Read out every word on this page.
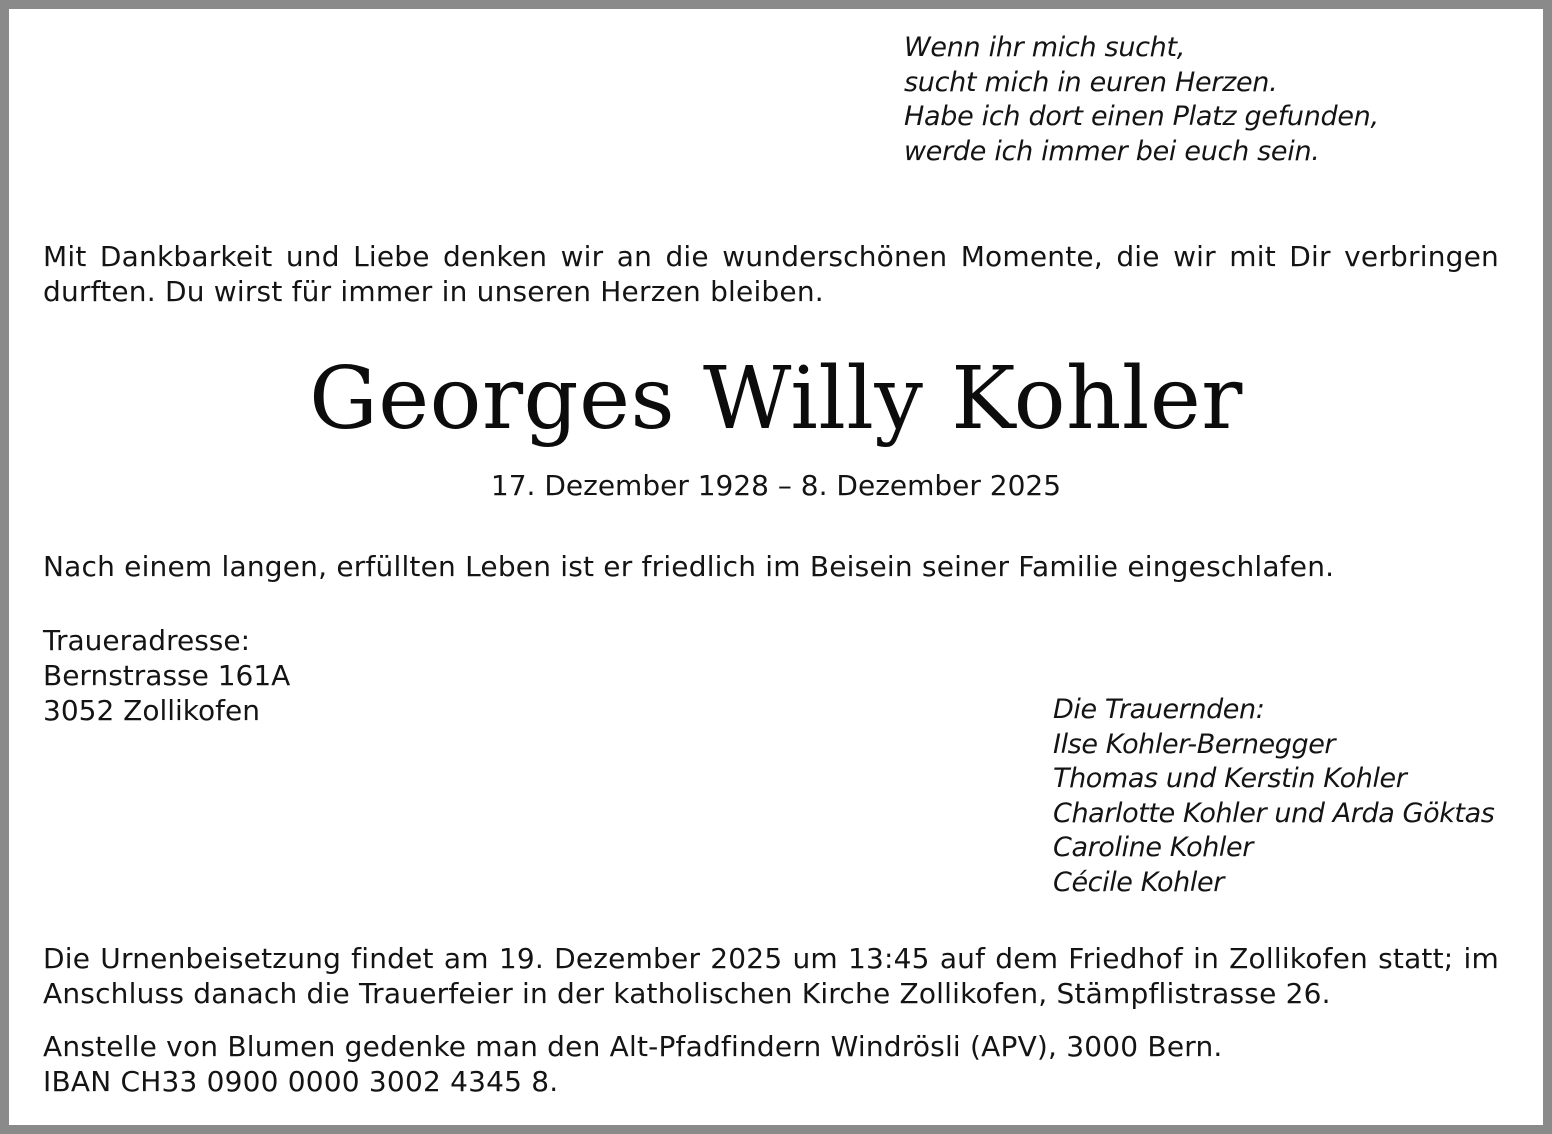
Wenn ihr mich sucht,
sucht mich in euren Herzen.
Habe ich dort einen Platz gefunden,
werde ich immer bei euch sein.
Mit Dankbarkeit und Liebe denken wir an die wunderschönen Momente, die wir mit Dir verbringen durften. Du wirst für immer in unseren Herzen bleiben.
Georges Willy Kohler
17. Dezember 1928 – 8. Dezember 2025
Nach einem langen, erfüllten Leben ist er friedlich im Beisein seiner Familie eingeschlafen.
Traueradresse:
Bernstrasse 161A
3052 Zollikofen	Die Trauernden:
Ilse Kohler-Bernegger
Thomas und Kerstin Kohler
Charlotte Kohler und Arda Göktas
Caroline Kohler
Cécile Kohler
Die Urnenbeisetzung findet am 19. Dezember 2025 um 13:45 auf dem Friedhof in Zollikofen statt; im Anschluss danach die Trauerfeier in der katholischen Kirche Zollikofen, Stämpflistrasse 26.
Anstelle von Blumen gedenke man den Alt-Pfadfindern Windrösli (APV), 3000 Bern.
IBAN CH33 0900 0000 3002 4345 8.
